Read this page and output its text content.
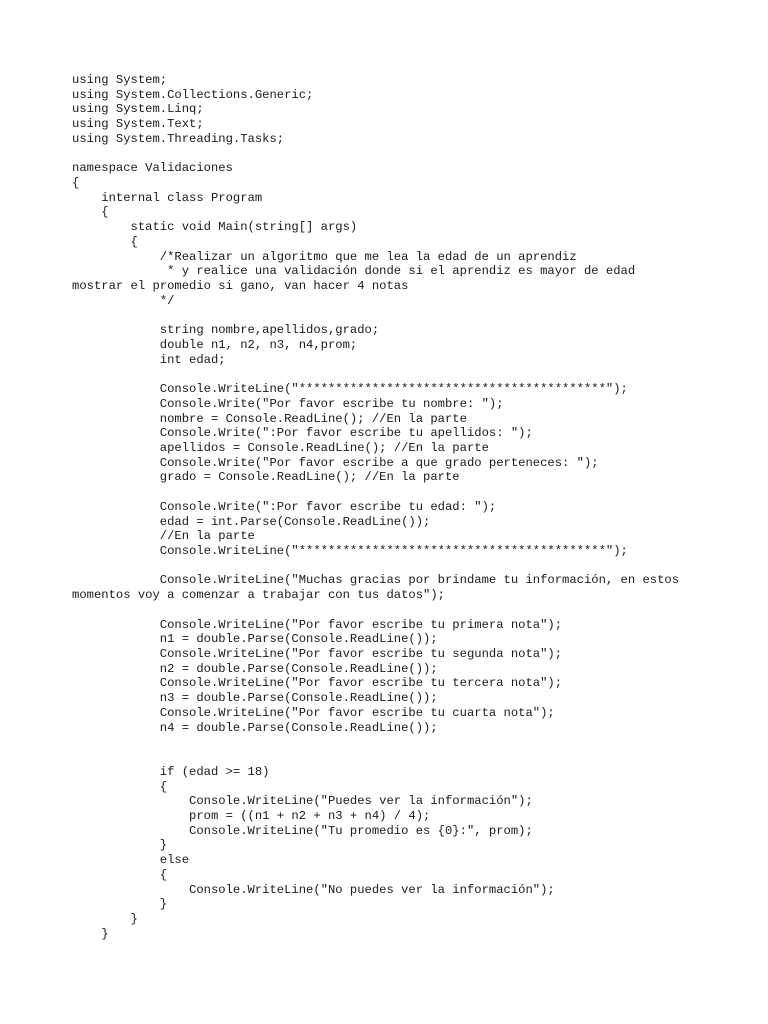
using System;
using System.Collections.Generic;
using System.Linq;
using System.Text;
using System.Threading.Tasks;
namespace Validaciones
{
internal class Program
{
static void Main(string[] args)
{
/*Realizar un algoritmo que me lea la edad de un aprendiz
* y realice una validación donde si el aprendiz es mayor de edad
mostrar el promedio si gano, van hacer 4 notas
*/
string nombre,apellidos,grado;
double n1, n2, n3, n4,prom;
int edad;
Console.WriteLine("******************************************");
Console.Write("Por favor escribe tu nombre: ");
nombre = Console.ReadLine(); //En la parte
Console.Write(":Por favor escribe tu apellidos: ");
apellidos = Console.ReadLine(); //En la parte
Console.Write("Por favor escribe a que grado perteneces: ");
grado = Console.ReadLine(); //En la parte
Console.Write(":Por favor escribe tu edad: ");
edad = int.Parse(Console.ReadLine());
//En la parte
Console.WriteLine("******************************************");
Console.WriteLine("Muchas gracias por brindame tu información, en estos
momentos voy a comenzar a trabajar con tus datos");
Console.WriteLine("Por favor escribe tu primera nota");
n1 = double.Parse(Console.ReadLine());
Console.WriteLine("Por favor escribe tu segunda nota");
n2 = double.Parse(Console.ReadLine());
Console.WriteLine("Por favor escribe tu tercera nota");
n3 = double.Parse(Console.ReadLine());
Console.WriteLine("Por favor escribe tu cuarta nota");
n4 = double.Parse(Console.ReadLine());
if (edad >= 18)
{
Console.WriteLine("Puedes ver la información");
prom = ((n1 + n2 + n3 + n4) / 4);
Console.WriteLine("Tu promedio es {0}:", prom);
}
else
{
Console.WriteLine("No puedes ver la información");
}
}
}
